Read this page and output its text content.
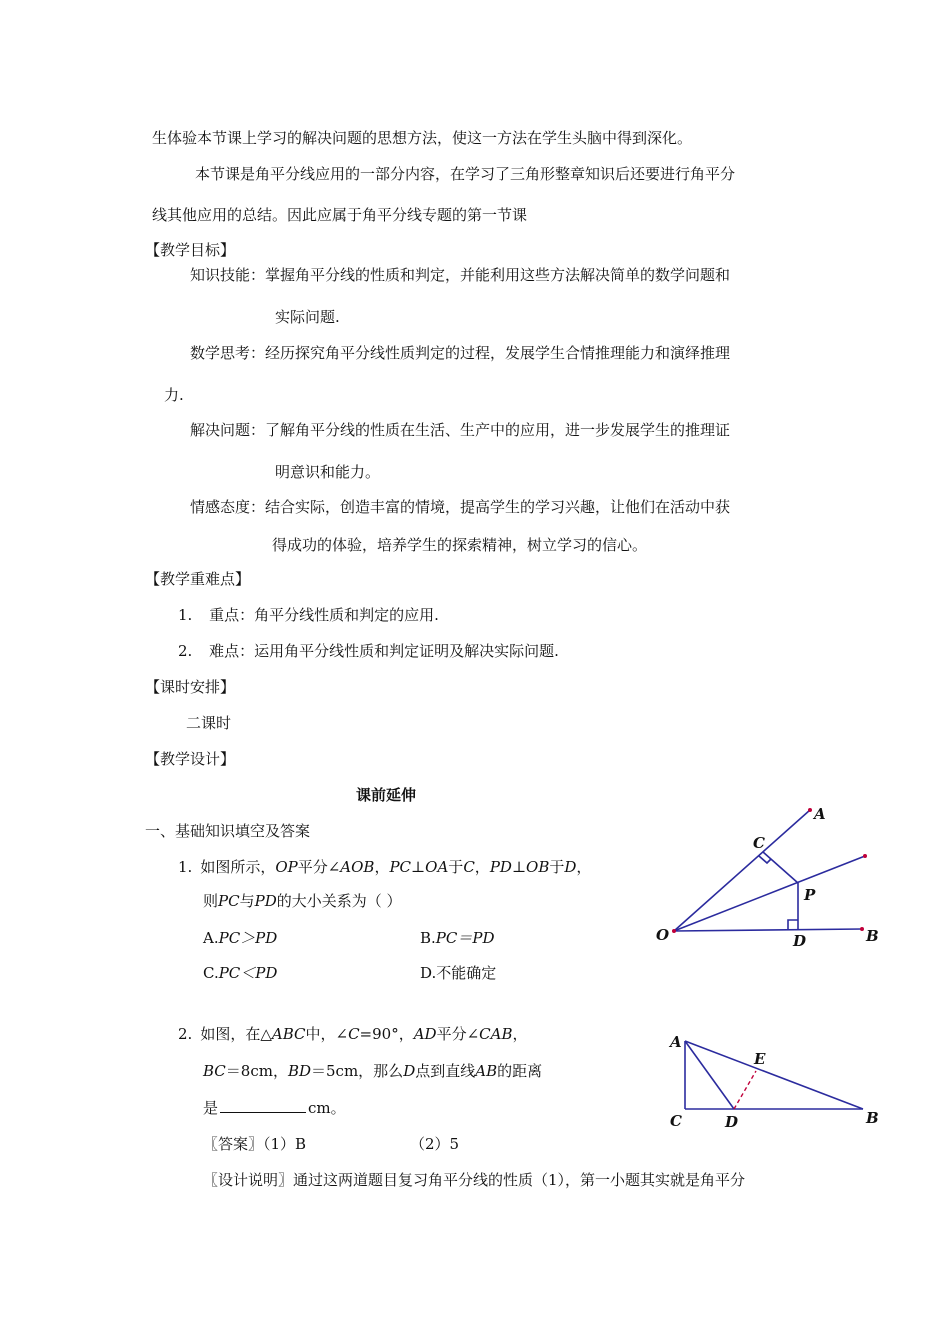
生体验本节课上学习的解决问题的思想方法，使这一方法在学生头脑中得到深化。
本节课是角平分线应用的一部分内容，在学习了三角形整章知识后还要进行角平分
线其他应用的总结。因此应属于角平分线专题的第一节课
【教学目标】
知识技能：掌握角平分线的性质和判定，并能利用这些方法解决简单的数学问题和
实际问题.
数学思考：经历探究角平分线性质判定的过程，发展学生合情推理能力和演绎推理
力.
解决问题：了解角平分线的性质在生活、生产中的应用，进一步发展学生的推理证
明意识和能力。
情感态度：结合实际，创造丰富的情境，提高学生的学习兴趣，让他们在活动中获
得成功的体验，培养学生的探索精神，树立学习的信心。
【教学重难点】
1. 重点：角平分线性质和判定的应用.
2. 难点：运用角平分线性质和判定证明及解决实际问题.
【课时安排】
二课时
【教学设计】
课前延伸
一、基础知识填空及答案
1. 如图所示，OP平分∠AOB，PC⊥OA于C，PD⊥OB于D，
则PC与PD的大小关系为（ ）
A.PC＞PD	B.PC＝PD
C.PC＜PD	D.不能确定
2. 如图，在△ABC中，∠C=90°，AD平分∠CAB，
BC＝8cm，BD＝5cm，那么D点到直线AB的距离
是	cm。
〖答案〗（1）B	（2）5
〖设计说明〗通过这两道题目复习角平分线的性质（1），第一小题其实就是角平分
A
C
P
O	D	B
A
E
C	D	B
